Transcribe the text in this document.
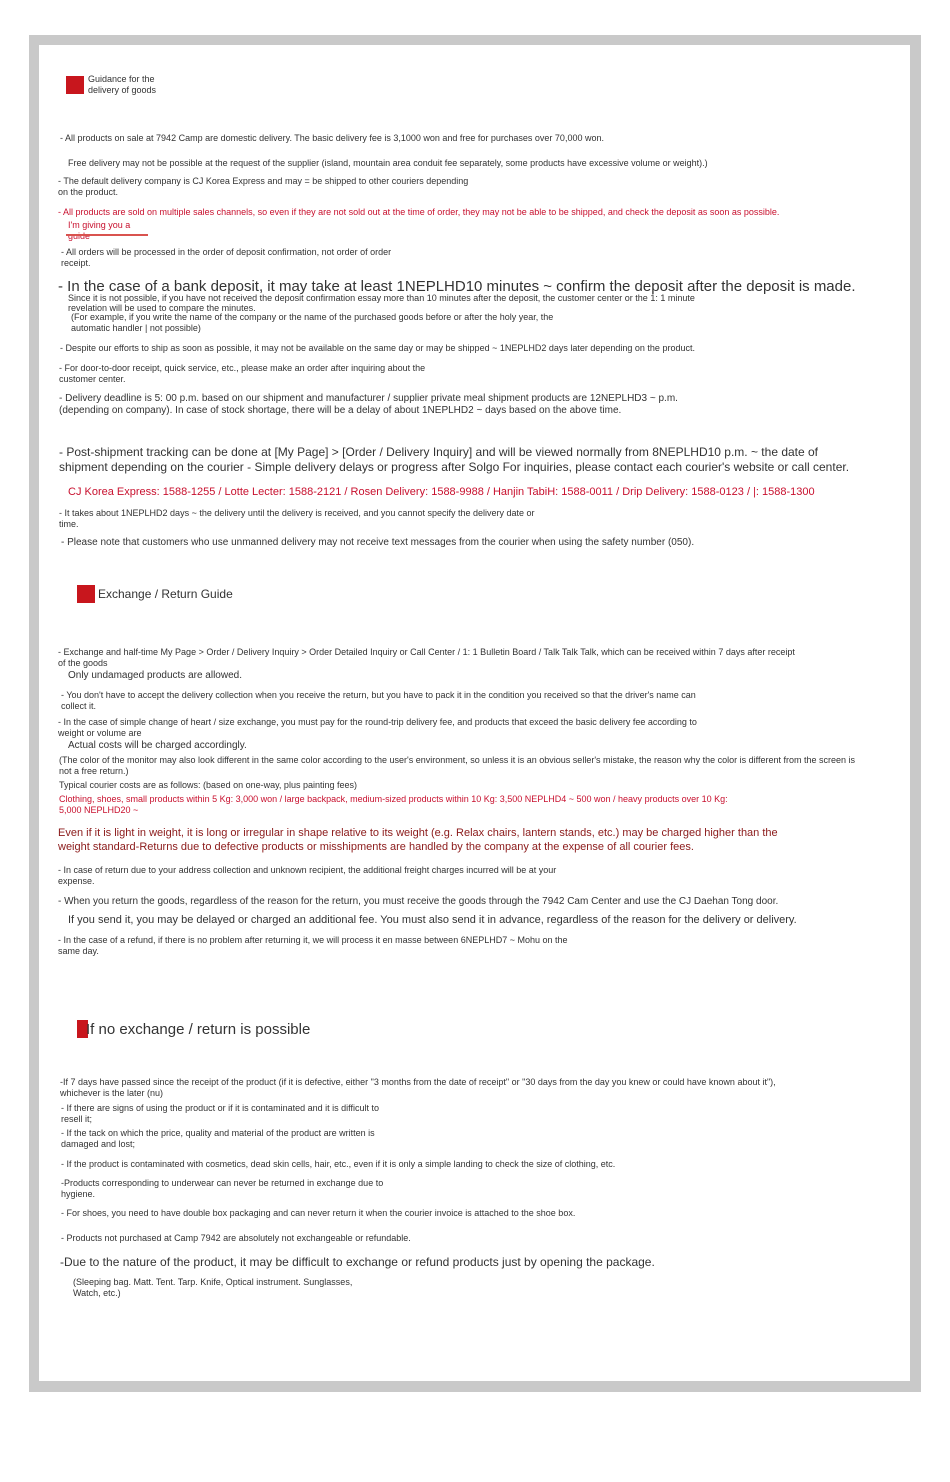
Guidance for the
delivery of goods

- All products on sale at 7942 Camp are domestic delivery. The basic delivery fee is 3,1000 won and free for purchases over 70,000 won.

Free delivery may not be possible at the request of the supplier (island, mountain area conduit fee separately, some products have excessive volume or weight).)

- The default delivery company is CJ Korea Express and may = be shipped to other couriers depending
on the product.

- All products are sold on multiple sales channels, so even if they are not sold out at the time of order, they may not be able to be shipped, and check the deposit as soon as possible.

I'm giving you a

- All orders will be processed in the order of deposit confirmation, not order of order
receipt.

- In the case of a bank deposit, it may take at least 1NEPLHD10 minutes ~ confirm the deposit after the deposit is made.

Since it is not possible, if you have not received the deposit confirmation essay more than 10 minutes after the deposit, the customer center or the 1: 1 minute
revelation will be used to compare the minutes.

(For example, if you write the name of the company or the name of the purchased goods before or after the holy year, the
automatic handler | not possible)

- Despite our efforts to ship as soon as possible, it may not be available on the same day or may be shipped ~ 1NEPLHD2 days later depending on the product.

- For door-to-door receipt, quick service, etc., please make an order after inquiring about the
customer center.

- Delivery deadline is 5: 00 p.m. based on our shipment and manufacturer / supplier private meal shipment products are 12NEPLHD3 ~ p.m.
(depending on company). In case of stock shortage, there will be a delay of about 1NEPLHD2 ~ days based on the above time.

- Post-shipment tracking can be done at [My Page] > [Order / Delivery Inquiry] and will be viewed normally from 8NEPLHD10 p.m. ~ the date of
shipment depending on the courier - Simple delivery delays or progress after Solgo For inquiries, please contact each courier's website or call center.

CJ Korea Express: 1588-1255 / Lotte Lecter: 1588-2121 / Rosen Delivery: 1588-9988 / Hanjin TabiH: 1588-0011 / Drip Delivery: 1588-0123 / |: 1588-1300

- It takes about 1NEPLHD2 days ~ the delivery until the delivery is received, and you cannot specify the delivery date or
time.

- Please note that customers who use unmanned delivery may not receive text messages from the courier when using the safety number (050).

Exchange / Return Guide

- Exchange and half-time My Page > Order / Delivery Inquiry > Order Detailed Inquiry or Call Center / 1: 1 Bulletin Board / Talk Talk Talk, which can be received within 7 days after receipt
of the goods

Only undamaged products are allowed.

- You don't have to accept the delivery collection when you receive the return, but you have to pack it in the condition you received so that the driver's name can
collect it.

- In the case of simple change of heart / size exchange, you must pay for the round-trip delivery fee, and products that exceed the basic delivery fee according to
weight or volume are

Actual costs will be charged accordingly.

(The color of the monitor may also look different in the same color according to the user's environment, so unless it is an obvious seller's mistake, the reason why the color is different from the screen is
not a free return.)

Typical courier costs are as follows: (based on one-way, plus painting fees)

Clothing, shoes, small products within 5 Kg: 3,000 won / large backpack, medium-sized products within 10 Kg: 3,500 NEPLHD4 ~ 500 won / heavy products over 10 Kg:
5,000 NEPLHD20 ~

Even if it is light in weight, it is long or irregular in shape relative to its weight (e.g. Relax chairs, lantern stands, etc.) may be charged higher than the
weight standard-Returns due to defective products or misshipments are handled by the company at the expense of all courier fees.

- In case of return due to your address collection and unknown recipient, the additional freight charges incurred will be at your
expense.

- When you return the goods, regardless of the reason for the return, you must receive the goods through the 7942 Cam Center and use the CJ Daehan Tong door.

If you send it, you may be delayed or charged an additional fee. You must also send it in advance, regardless of the reason for the delivery or delivery.

- In the case of a refund, if there is no problem after returning it, we will process it en masse between 6NEPLHD7 ~ Mohu on the
same day.

If no exchange / return is possible

-If 7 days have passed since the receipt of the product (if it is defective, either "3 months from the date of receipt" or "30 days from the day you knew or could have known about it"),
whichever is the later (nu)

- If there are signs of using the product or if it is contaminated and it is difficult to
resell it;

- If the tack on which the price, quality and material of the product are written is
damaged and lost;

- If the product is contaminated with cosmetics, dead skin cells, hair, etc., even if it is only a simple landing to check the size of clothing, etc.

-Products corresponding to underwear can never be returned in exchange due to
hygiene.

- For shoes, you need to have double box packaging and can never return it when the courier invoice is attached to the shoe box.

- Products not purchased at Camp 7942 are absolutely not exchangeable or refundable.

-Due to the nature of the product, it may be difficult to exchange or refund products just by opening the package.

(Sleeping bag. Matt. Tent. Tarp. Knife, Optical instrument. Sunglasses,
Watch, etc.)
